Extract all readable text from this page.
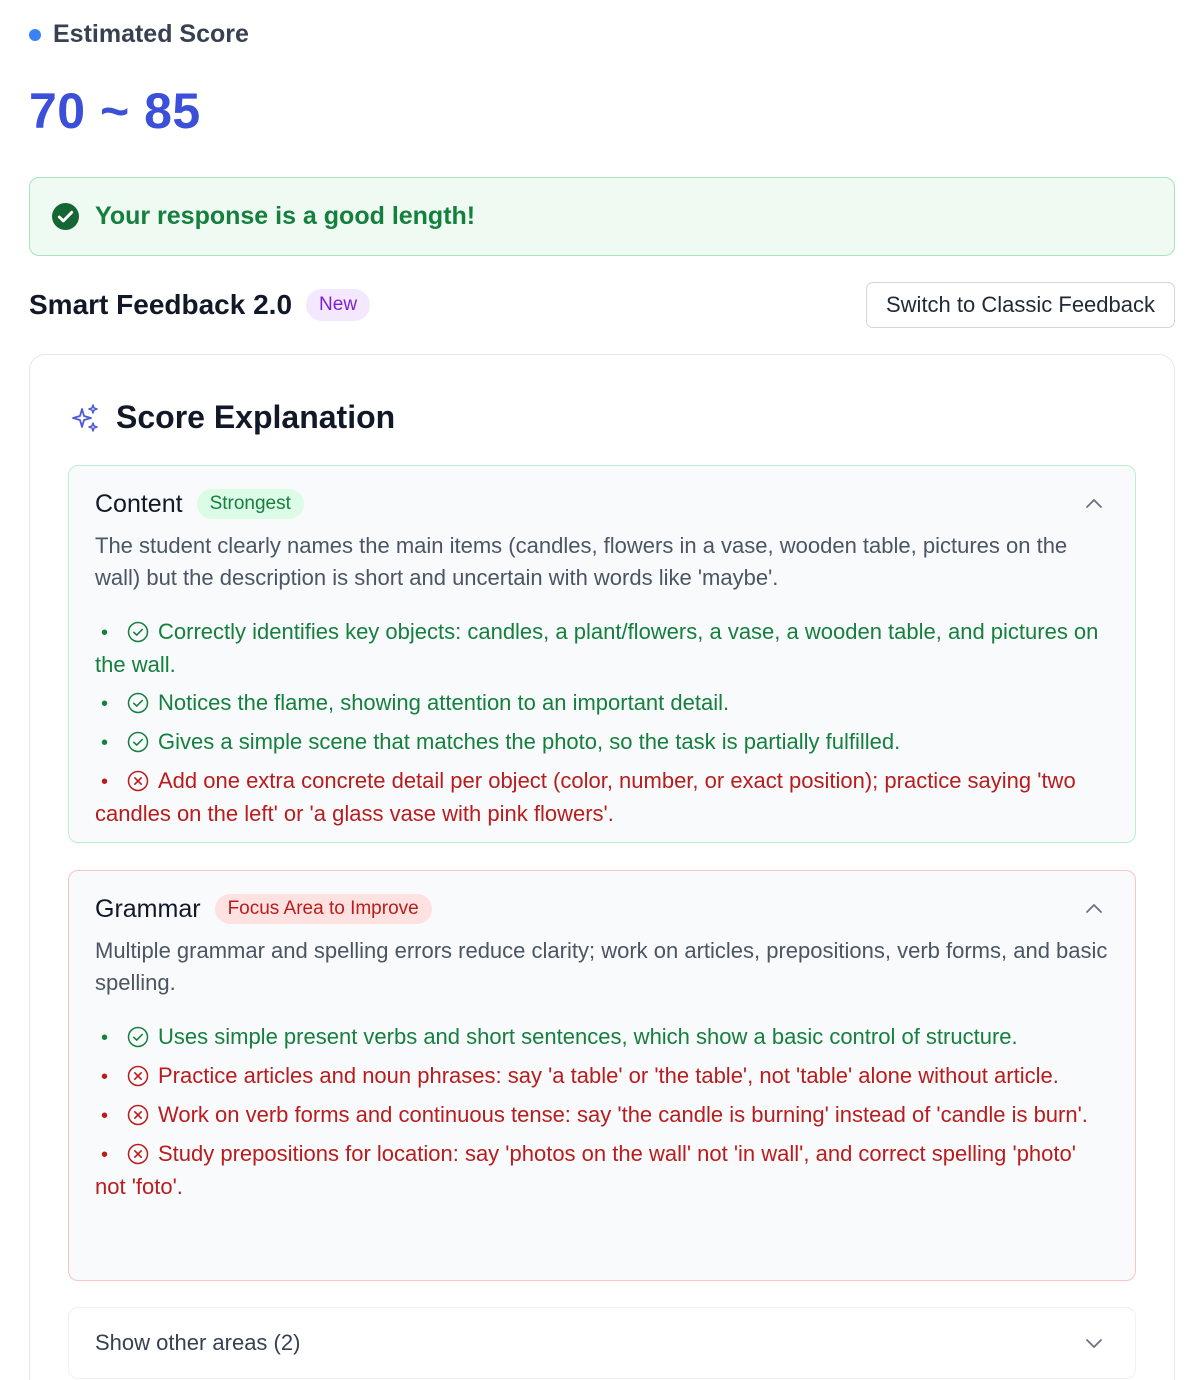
Estimated Score
70 ~ 85
Your response is a good length!
Smart Feedback 2.0	New	Switch to Classic Feedback
Score Explanation
Content	Strongest
The student clearly names the main items (candles, flowers in a vase, wooden table, pictures on the wall) but the description is short and uncertain with words like 'maybe'.
• Correctly identifies key objects: candles, a plant/flowers, a vase, a wooden table, and pictures on the wall.
• Notices the flame, showing attention to an important detail.
• Gives a simple scene that matches the photo, so the task is partially fulfilled.
• Add one extra concrete detail per object (color, number, or exact position); practice saying 'two candles on the left' or 'a glass vase with pink flowers'.
Grammar	Focus Area to Improve
Multiple grammar and spelling errors reduce clarity; work on articles, prepositions, verb forms, and basic spelling.
• Uses simple present verbs and short sentences, which show a basic control of structure.
• Practice articles and noun phrases: say 'a table' or 'the table', not 'table' alone without article.
• Work on verb forms and continuous tense: say 'the candle is burning' instead of 'candle is burn'.
• Study prepositions for location: say 'photos on the wall' not 'in wall', and correct spelling 'photo' not 'foto'.
Show other areas (2)
